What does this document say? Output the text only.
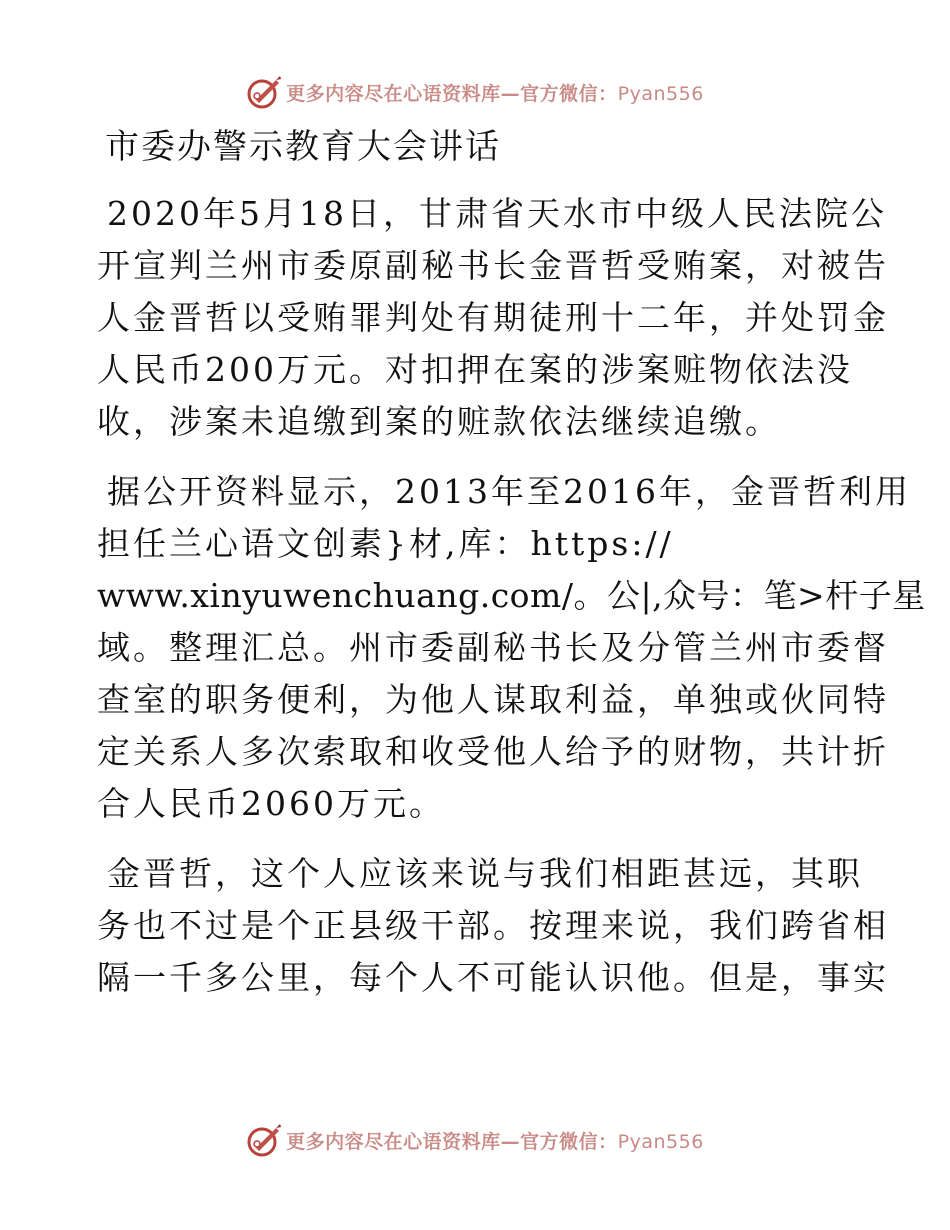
更多内容尽在心语资料库—官方微信：Pyan556
市委办警示教育大会讲话
2020年5月18日，甘肃省天水市中级人民法院公
开宣判兰州市委原副秘书长金晋哲受贿案，对被告
人金晋哲以受贿罪判处有期徒刑十二年，并处罚金
人民币200万元。对扣押在案的涉案赃物依法没
收，涉案未追缴到案的赃款依法继续追缴。
据公开资料显示，2013年至2016年，金晋哲利用
担任兰心语文创素}材,库：https://
www.xinyuwenchuang.com/。公|,众号：笔>杆子星
域。整理汇总。州市委副秘书长及分管兰州市委督
查室的职务便利，为他人谋取利益，单独或伙同特
定关系人多次索取和收受他人给予的财物，共计折
合人民币2060万元。
金晋哲，这个人应该来说与我们相距甚远，其职
务也不过是个正县级干部。按理来说，我们跨省相
隔一千多公里，每个人不可能认识他。但是，事实
更多内容尽在心语资料库—官方微信：Pyan556
